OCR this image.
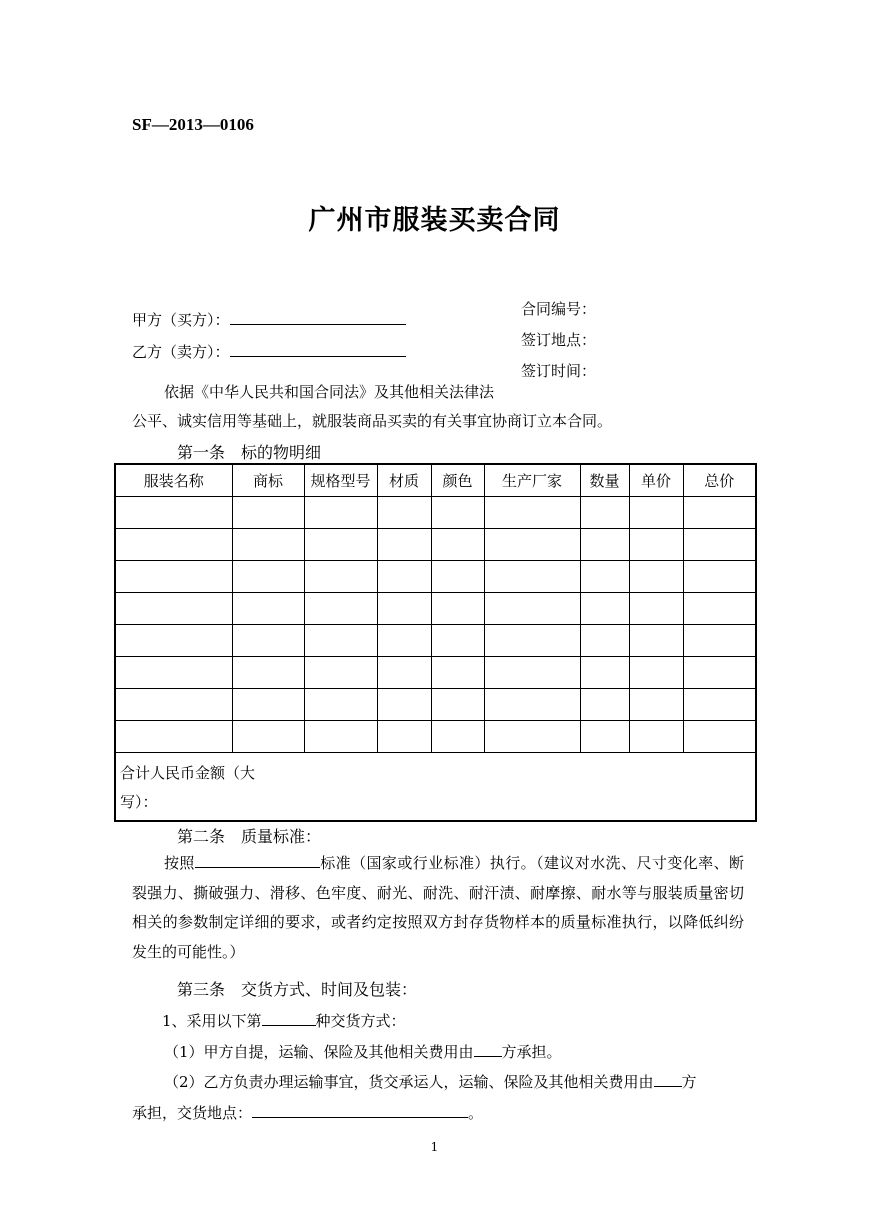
SF—2013—0106
广州市服装买卖合同
甲方（买方）：
乙方（卖方）：
合同编号：
签订地点：
签订时间：
依据《中华人民共和国合同法》及其他相关法律法
公平、诚实信用等基础上，就服装商品买卖的有关事宜协商订立本合同。
第一条　标的物明细
服装名称	商标	规格型号	材质	颜色	生产厂家	数量	单价	总价

合计人民币金额（大写）：								
第二条　质量标准：
按照	标准（国家或行业标准）执行。（建议对水洗、尺寸变化率、断裂强力、撕破强力、滑移、色牢度、耐光、耐洗、耐汗渍、耐摩擦、耐水等与服装质量密切相关的参数制定详细的要求，或者约定按照双方封存货物样本的质量标准执行，以降低纠纷发生的可能性。）
第三条　交货方式、时间及包装：
1、采用以下第	种交货方式：
（1）甲方自提，运输、保险及其他相关费用由 方承担。
（2）乙方负责办理运输事宜，货交承运人，运输、保险及其他相关费用由 方
承担，交货地点：	。
1
